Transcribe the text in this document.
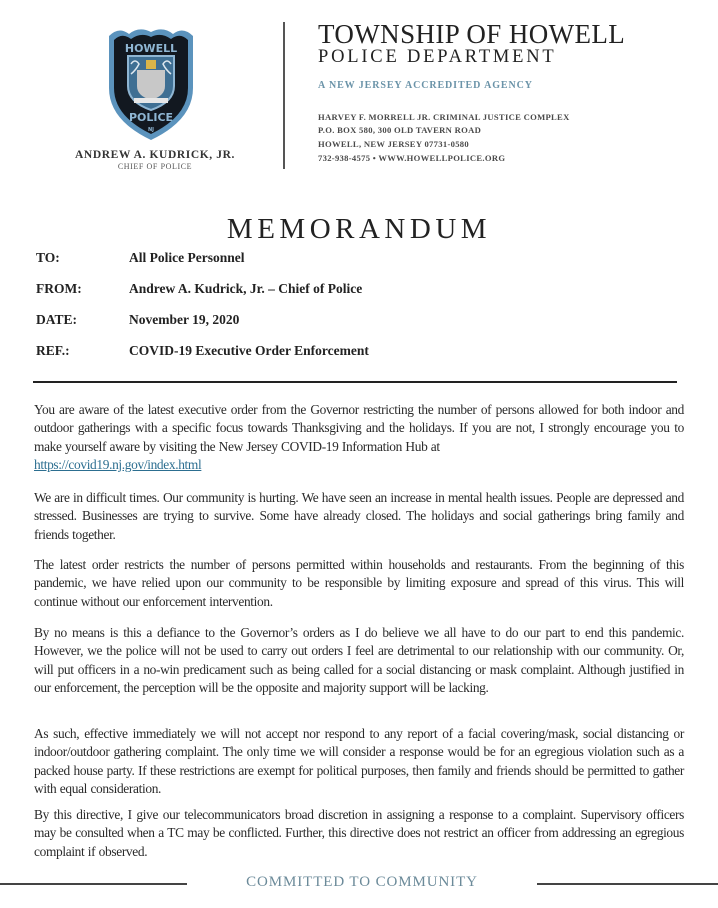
HOWELL
POLICE
NJ
ANDREW A. KUDRICK, JR.
CHIEF OF POLICE
TOWNSHIP OF HOWELL
POLICE DEPARTMENT
A NEW JERSEY ACCREDITED AGENCY
HARVEY F. MORRELL JR. CRIMINAL JUSTICE COMPLEX
P.O. BOX 580, 300 OLD TAVERN ROAD
HOWELL, NEW JERSEY 07731-0580
732-938-4575 • WWW.HOWELLPOLICE.ORG
MEMORANDUM
TO:	All Police Personnel
FROM:	Andrew A. Kudrick, Jr. – Chief of Police
DATE:	November 19, 2020
REF.:	COVID-19 Executive Order Enforcement

You are aware of the latest executive order from the Governor restricting the number of persons allowed for both indoor and outdoor gatherings with a specific focus towards Thanksgiving and the holidays. If you are not, I strongly encourage you to make yourself aware by visiting the New Jersey COVID-19 Information Hub at
https://covid19.nj.gov/index.html

We are in difficult times. Our community is hurting. We have seen an increase in mental health issues. People are depressed and stressed. Businesses are trying to survive. Some have already closed. The holidays and social gatherings bring family and friends together.

The latest order restricts the number of persons permitted within households and restaurants. From the beginning of this pandemic, we have relied upon our community to be responsible by limiting exposure and spread of this virus. This will continue without our enforcement intervention.

By no means is this a defiance to the Governor’s orders as I do believe we all have to do our part to end this pandemic. However, we the police will not be used to carry out orders I feel are detrimental to our relationship with our community. Or, will put officers in a no-win predicament such as being called for a social distancing or mask complaint. Although justified in our enforcement, the perception will be the opposite and majority support will be lacking.

As such, effective immediately we will not accept nor respond to any report of a facial covering/mask, social distancing or indoor/outdoor gathering complaint. The only time we will consider a response would be for an egregious violation such as a packed house party. If these restrictions are exempt for political purposes, then family and friends should be permitted to gather with equal consideration.

By this directive, I give our telecommunicators broad discretion in assigning a response to a complaint. Supervisory officers may be consulted when a TC may be conflicted. Further, this directive does not restrict an officer from addressing an egregious complaint if observed.

COMMITTED TO COMMUNITY
